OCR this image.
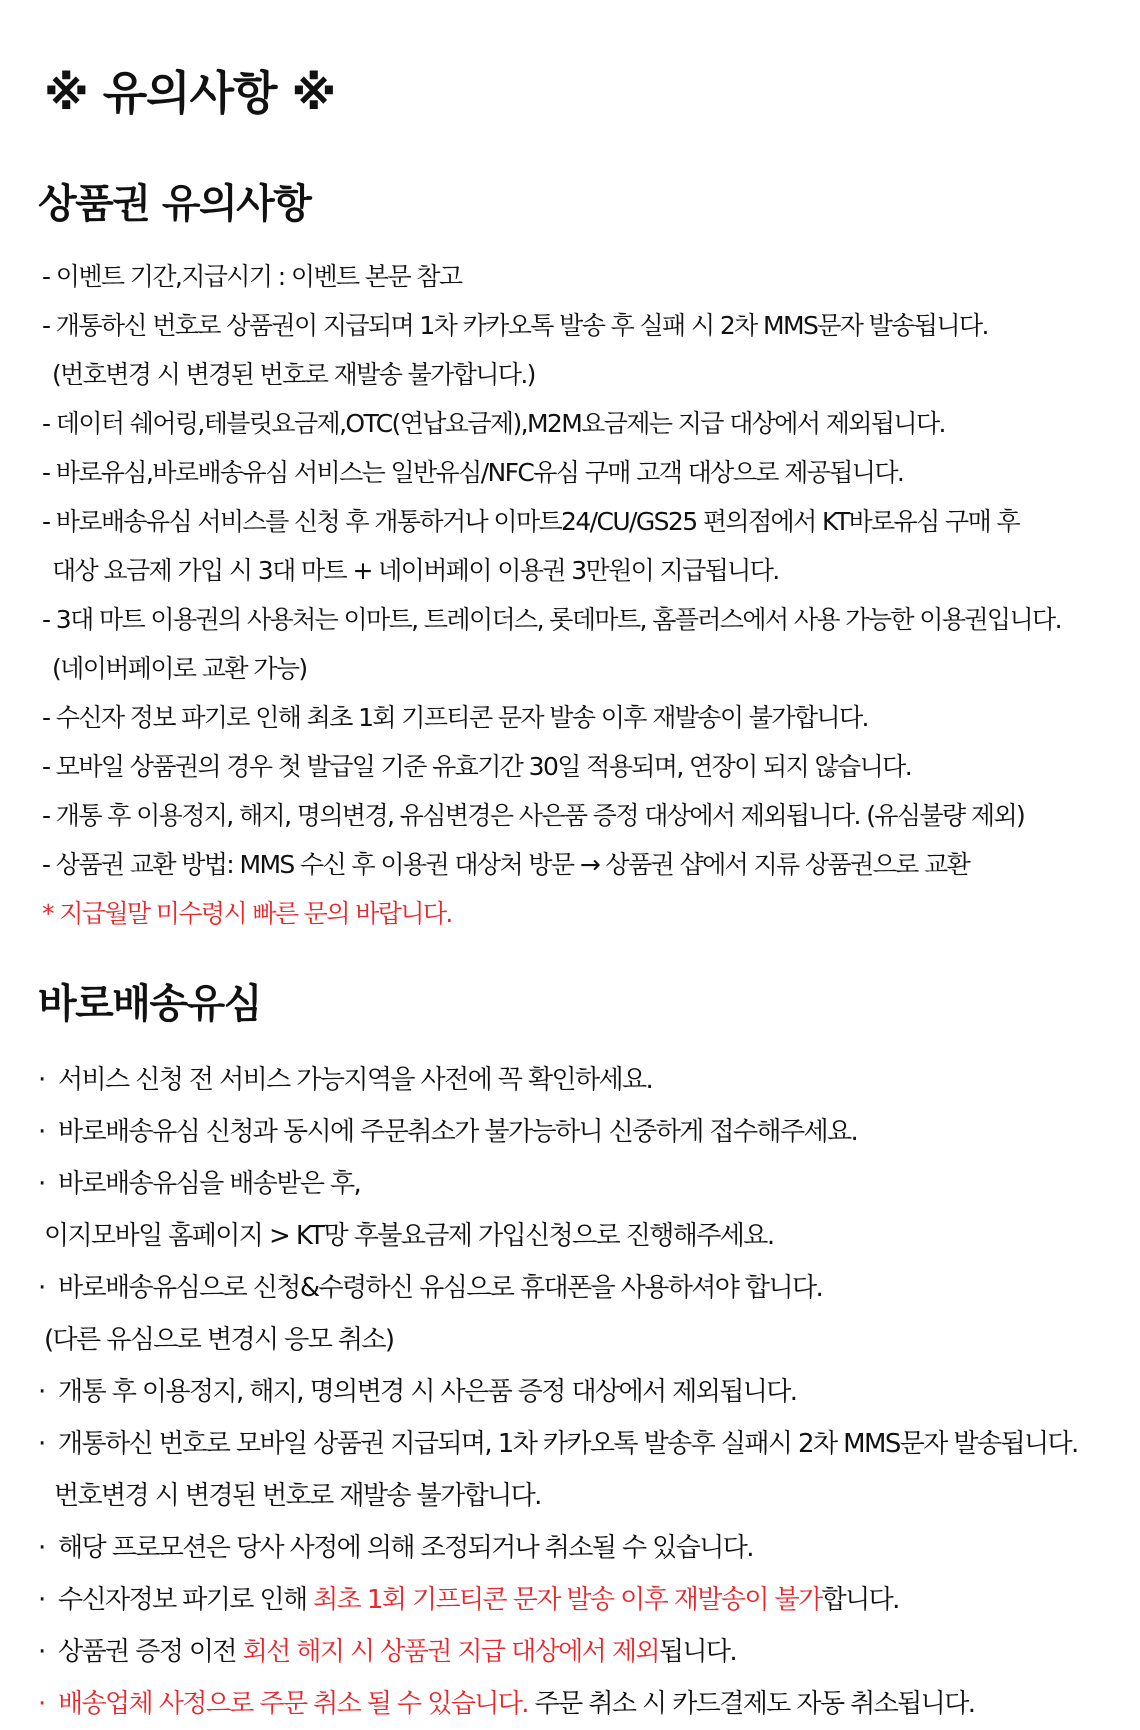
※ 유의사항 ※
상품권 유의사항
- 이벤트 기간,지급시기 : 이벤트 본문 참고
- 개통하신 번호로 상품권이 지급되며 1차 카카오톡 발송 후 실패 시 2차 MMS문자 발송됩니다.
(번호변경 시 변경된 번호로 재발송 불가합니다.)
- 데이터 쉐어링,테블릿요금제,OTC(연납요금제),M2M요금제는 지급 대상에서 제외됩니다.
- 바로유심,바로배송유심 서비스는 일반유심/NFC유심 구매 고객 대상으로 제공됩니다.
- 바로배송유심 서비스를 신청 후 개통하거나 이마트24/CU/GS25 편의점에서 KT바로유심 구매 후
대상 요금제 가입 시 3대 마트 + 네이버페이 이용권 3만원이 지급됩니다.
- 3대 마트 이용권의 사용처는 이마트, 트레이더스, 롯데마트, 홈플러스에서 사용 가능한 이용권입니다.
(네이버페이로 교환 가능)
- 수신자 정보 파기로 인해 최초 1회 기프티콘 문자 발송 이후 재발송이 불가합니다.
- 모바일 상품권의 경우 첫 발급일 기준 유효기간 30일 적용되며, 연장이 되지 않습니다.
- 개통 후 이용정지, 해지, 명의변경, 유심변경은 사은품 증정 대상에서 제외됩니다. (유심불량 제외)
- 상품권 교환 방법: MMS 수신 후 이용권 대상처 방문 → 상품권 샵에서 지류 상품권으로 교환
* 지급월말 미수령시 빠른 문의 바랍니다.
바로배송유심
· 서비스 신청 전 서비스 가능지역을 사전에 꼭 확인하세요.
· 바로배송유심 신청과 동시에 주문취소가 불가능하니 신중하게 접수해주세요.
· 바로배송유심을 배송받은 후,
이지모바일 홈페이지 > KT망 후불요금제 가입신청으로 진행해주세요.
· 바로배송유심으로 신청&수령하신 유심으로 휴대폰을 사용하셔야 합니다.
(다른 유심으로 변경시 응모 취소)
· 개통 후 이용정지, 해지, 명의변경 시 사은품 증정 대상에서 제외됩니다.
· 개통하신 번호로 모바일 상품권 지급되며, 1차 카카오톡 발송후 실패시 2차 MMS문자 발송됩니다.
번호변경 시 변경된 번호로 재발송 불가합니다.
· 해당 프로모션은 당사 사정에 의해 조정되거나 취소될 수 있습니다.
· 수신자정보 파기로 인해 최초 1회 기프티콘 문자 발송 이후 재발송이 불가합니다.
· 상품권 증정 이전 회선 해지 시 상품권 지급 대상에서 제외됩니다.
· 배송업체 사정으로 주문 취소 될 수 있습니다. 주문 취소 시 카드결제도 자동 취소됩니다.
